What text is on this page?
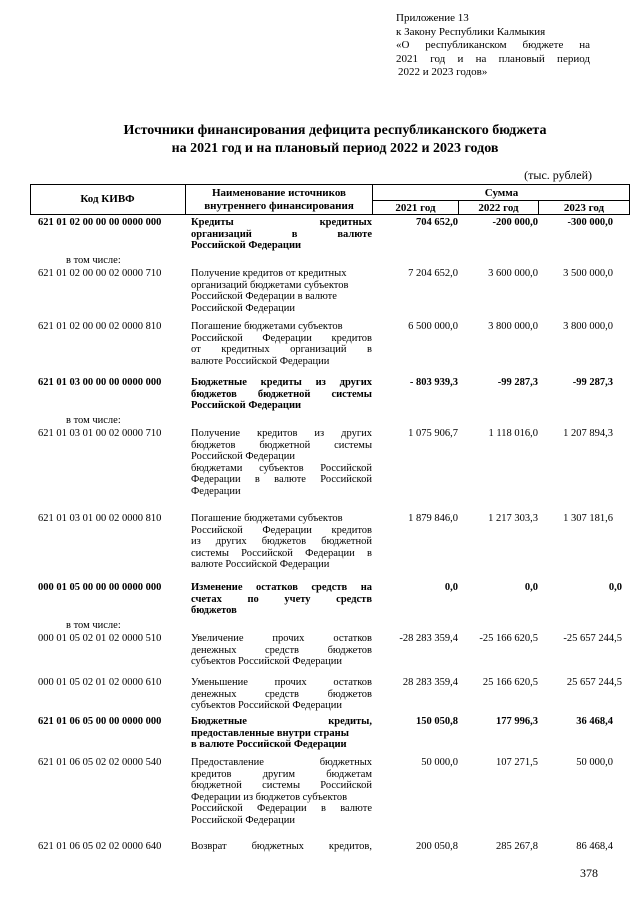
Приложение 13
к Закону Республики Калмыкия
«О республиканском бюджете на
2021 год и на плановый период
2022 и 2023 годов»
Источники финансирования дефицита республиканского бюджета
на 2021 год и на плановый период 2022 и 2023 годов
(тыс. рублей)
Код КИВФ	Наименование источников
внутреннего финансирования
Сумма
2021 год	2022 год	2023 год
621 01 02 00 00 00 0000 000	Кредиты кредитных
организаций в валюте
Российской Федерации
704 652,0	-200 000,0	-300 000,0
в том числе:
621 01 02 00 00 02 0000 710	Получение кредитов от кредитных
организаций бюджетами субъектов
Российской Федерации в валюте
Российской Федерации
7 204 652,0	3 600 000,0	3 500 000,0
621 01 02 00 00 02 0000 810	Погашение бюджетами субъектов
Российской Федерации кредитов
от кредитных организаций в
валюте Российской Федерации
6 500 000,0	3 800 000,0	3 800 000,0
621 01 03 00 00 00 0000 000	Бюджетные кредиты из других
бюджетов бюджетной системы
Российской Федерации
- 803 939,3	-99 287,3	-99 287,3
в том числе:
621 01 03 01 00 02 0000 710	Получение кредитов из других
бюджетов бюджетной системы
Российской Федерации
бюджетами субъектов Российской
Федерации в валюте Российской
Федерации
1 075 906,7	1 118 016,0	1 207 894,3
621 01 03 01 00 02 0000 810	Погашение бюджетами субъектов
Российской Федерации кредитов
из других бюджетов бюджетной
системы Российской Федерации в
валюте Российской Федерации
1 879 846,0	1 217 303,3	1 307 181,6
000 01 05 00 00 00 0000 000	Изменение остатков средств на
счетах по учету средств
бюджетов
0,0	0,0	0,0
в том числе:
000 01 05 02 01 02 0000 510	Увеличение прочих остатков
денежных средств бюджетов
субъектов Российской Федерации
-28 283 359,4	-25 166 620,5	-25 657 244,5
000 01 05 02 01 02 0000 610	Уменьшение прочих остатков
денежных средств бюджетов
субъектов Российской Федерации
28 283 359,4	25 166 620,5	25 657 244,5
621 01 06 05 00 00 0000 000	Бюджетные кредиты,
предоставленные внутри страны
в валюте Российской Федерации
150 050,8	177 996,3	36 468,4
621 01 06 05 02 02 0000 540	Предоставление бюджетных
кредитов другим бюджетам
бюджетной системы Российской
Федерации из бюджетов субъектов
Российской Федерации в валюте
Российской Федерации
50 000,0	107 271,5	50 000,0
621 01 06 05 02 02 0000 640	Возврат бюджетных кредитов,	200 050,8	285 267,8	86 468,4
378
